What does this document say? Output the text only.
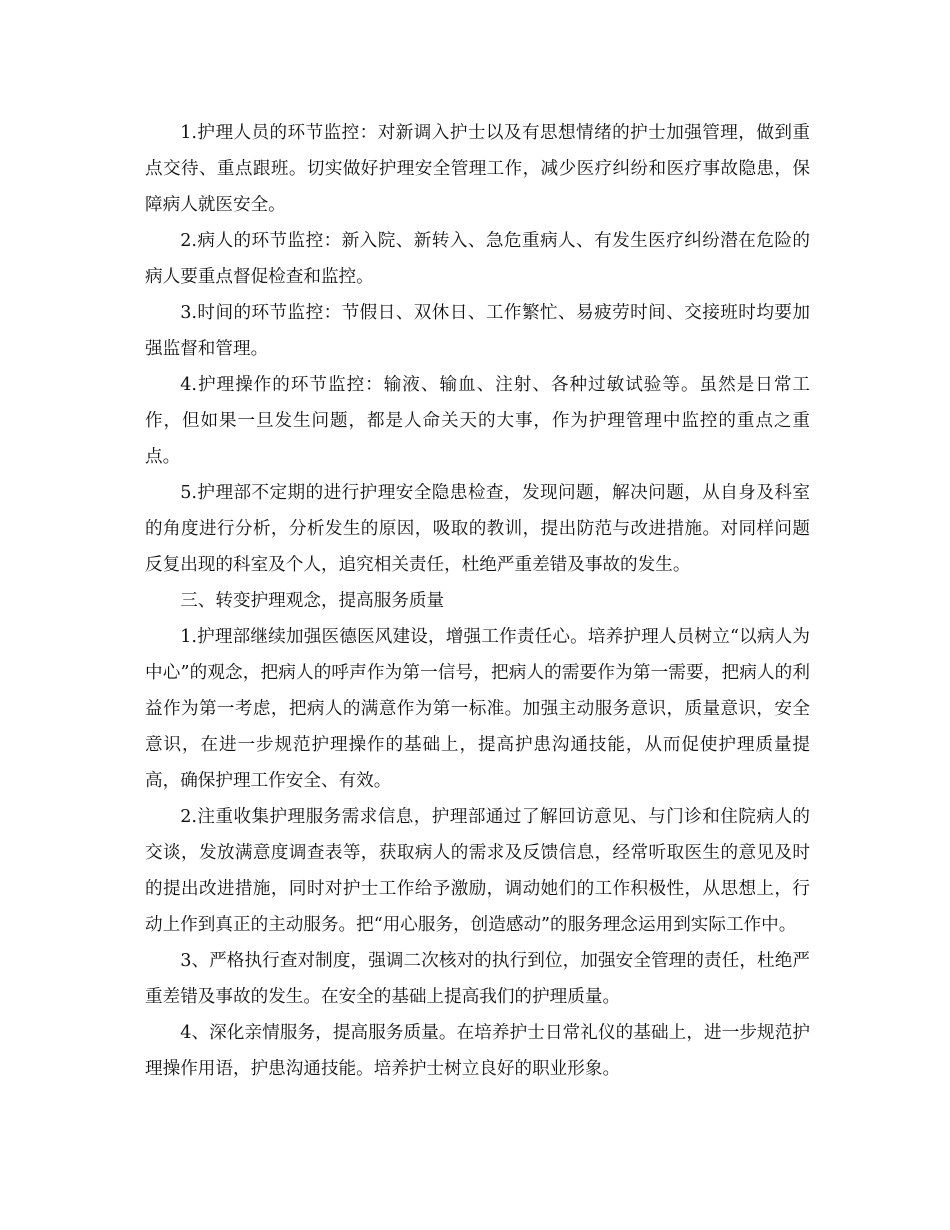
1.护理人员的环节监控：对新调入护士以及有思想情绪的护士加强管理，做到重点交待、重点跟班。切实做好护理安全管理工作，减少医疗纠纷和医疗事故隐患，保障病人就医安全。

2.病人的环节监控：新入院、新转入、急危重病人、有发生医疗纠纷潜在危险的病人要重点督促检查和监控。

3.时间的环节监控：节假日、双休日、工作繁忙、易疲劳时间、交接班时均要加强监督和管理。

4.护理操作的环节监控：输液、输血、注射、各种过敏试验等。虽然是日常工作，但如果一旦发生问题，都是人命关天的大事，作为护理管理中监控的重点之重点。

5.护理部不定期的进行护理安全隐患检查，发现问题，解决问题，从自身及科室的角度进行分析，分析发生的原因，吸取的教训，提出防范与改进措施。对同样问题反复出现的科室及个人，追究相关责任，杜绝严重差错及事故的发生。

三、转变护理观念，提高服务质量

1.护理部继续加强医德医风建设，增强工作责任心。培养护理人员树立“以病人为中心”的观念，把病人的呼声作为第一信号，把病人的需要作为第一需要，把病人的利益作为第一考虑，把病人的满意作为第一标准。加强主动服务意识，质量意识，安全意识，在进一步规范护理操作的基础上，提高护患沟通技能，从而促使护理质量提高，确保护理工作安全、有效。

2.注重收集护理服务需求信息，护理部通过了解回访意见、与门诊和住院病人的交谈，发放满意度调查表等，获取病人的需求及反馈信息，经常听取医生的意见及时的提出改进措施，同时对护士工作给予激励，调动她们的工作积极性，从思想上，行动上作到真正的主动服务。把“用心服务，创造感动”的服务理念运用到实际工作中。

3、严格执行查对制度，强调二次核对的执行到位，加强安全管理的责任，杜绝严重差错及事故的发生。在安全的基础上提高我们的护理质量。

4、深化亲情服务，提高服务质量。在培养护士日常礼仪的基础上，进一步规范护理操作用语，护患沟通技能。培养护士树立良好的职业形象。
